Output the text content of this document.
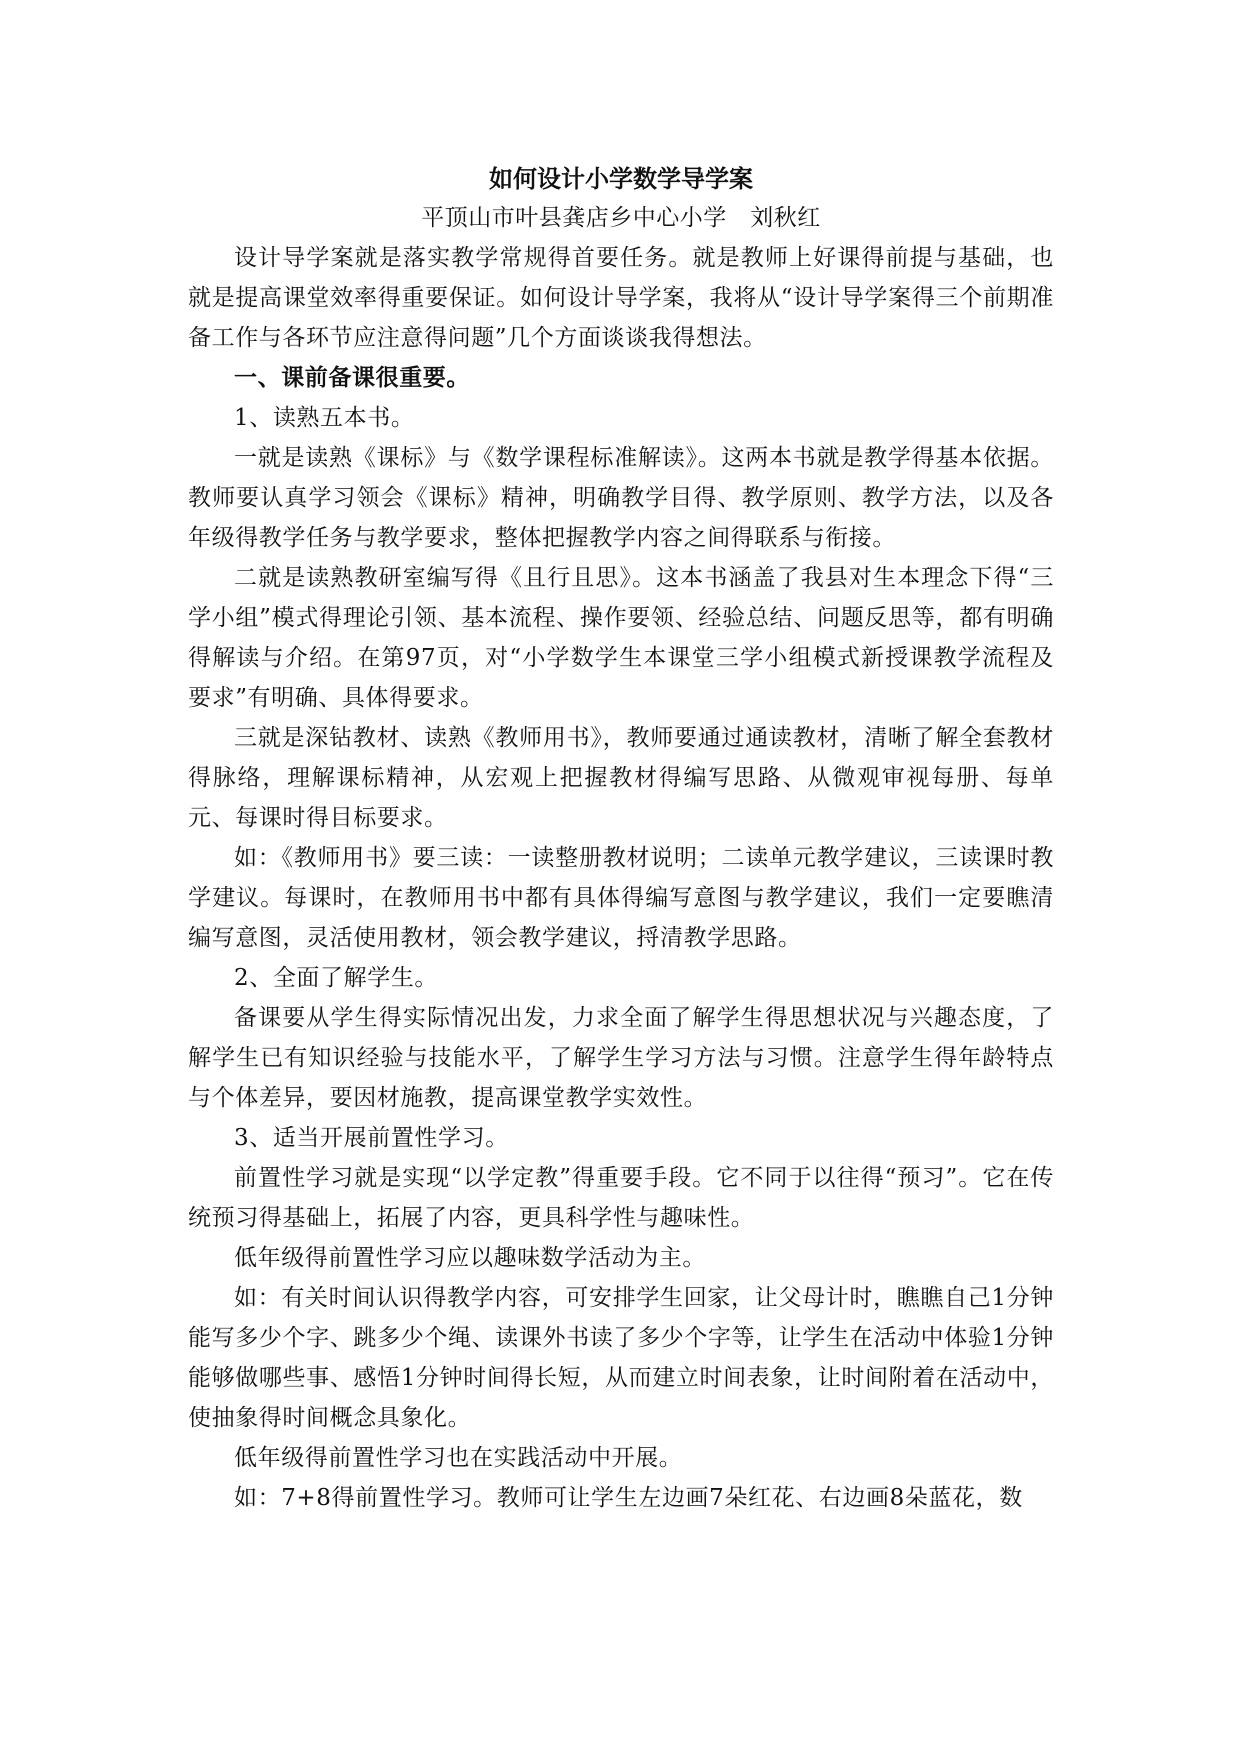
如何设计小学数学导学案

平顶山市叶县龚店乡中心小学　刘秋红

设计导学案就是落实教学常规得首要任务。就是教师上好课得前提与基础，也就是提高课堂效率得重要保证。如何设计导学案，我将从“设计导学案得三个前期准备工作与各环节应注意得问题”几个方面谈谈我得想法。

一、课前备课很重要。

1、读熟五本书。

一就是读熟《课标》与《数学课程标准解读》。这两本书就是教学得基本依据。教师要认真学习领会《课标》精神，明确教学目得、教学原则、教学方法，以及各年级得教学任务与教学要求，整体把握教学内容之间得联系与衔接。

二就是读熟教研室编写得《且行且思》。这本书涵盖了我县对生本理念下得“三学小组”模式得理论引领、基本流程、操作要领、经验总结、问题反思等，都有明确得解读与介绍。在第97页，对“小学数学生本课堂三学小组模式新授课教学流程及要求”有明确、具体得要求。

三就是深钻教材、读熟《教师用书》，教师要通过通读教材，清晰了解全套教材得脉络，理解课标精神，从宏观上把握教材得编写思路、从微观审视每册、每单元、每课时得目标要求。

如：《教师用书》要三读：一读整册教材说明；二读单元教学建议，三读课时教学建议。每课时，在教师用书中都有具体得编写意图与教学建议，我们一定要瞧清编写意图，灵活使用教材，领会教学建议，捋清教学思路。

2、全面了解学生。

备课要从学生得实际情况出发，力求全面了解学生得思想状况与兴趣态度，了解学生已有知识经验与技能水平，了解学生学习方法与习惯。注意学生得年龄特点与个体差异，要因材施教，提高课堂教学实效性。

3、适当开展前置性学习。

前置性学习就是实现“以学定教”得重要手段。它不同于以往得“预习”。它在传统预习得基础上，拓展了内容，更具科学性与趣味性。

低年级得前置性学习应以趣味数学活动为主。

如：有关时间认识得教学内容，可安排学生回家，让父母计时，瞧瞧自己1分钟能写多少个字、跳多少个绳、读课外书读了多少个字等，让学生在活动中体验1分钟能够做哪些事、感悟1分钟时间得长短，从而建立时间表象，让时间附着在活动中，使抽象得时间概念具象化。

低年级得前置性学习也在实践活动中开展。

如：7+8得前置性学习。教师可让学生左边画7朵红花、右边画8朵蓝花，数
